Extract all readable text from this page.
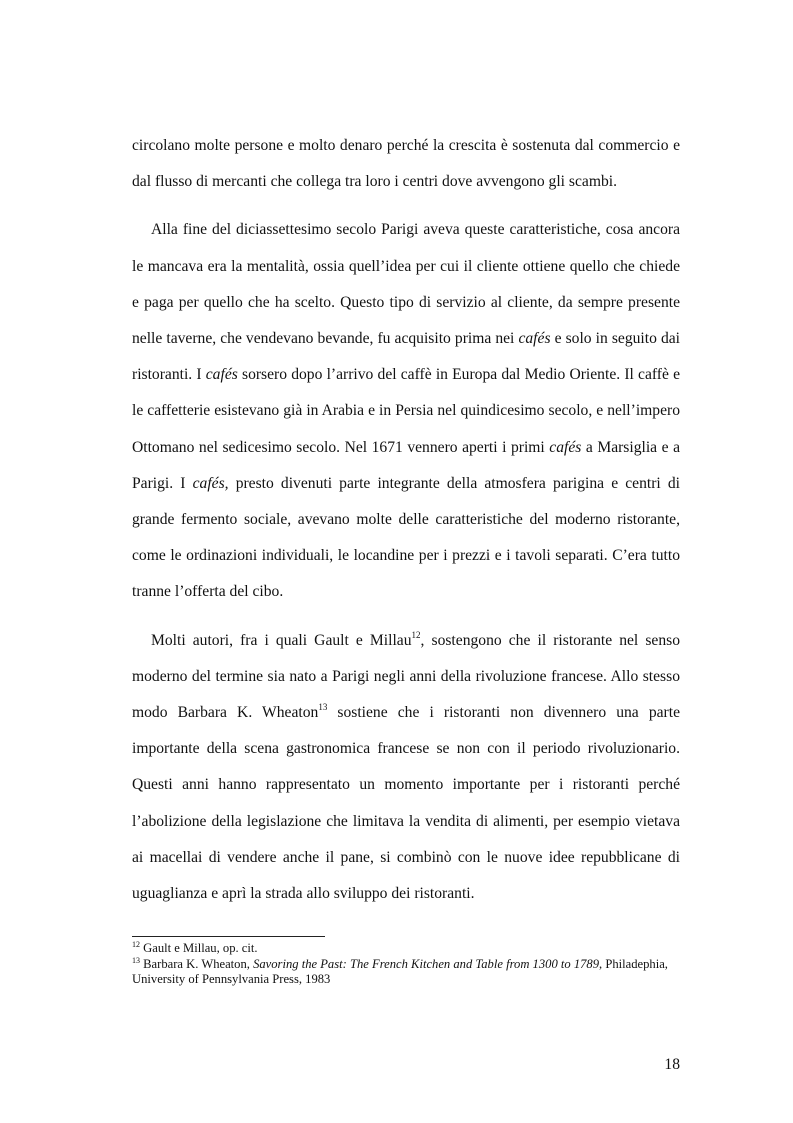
circolano molte persone e molto denaro perché la crescita è sostenuta dal commercio e dal flusso di mercanti che collega tra loro i centri dove avvengono gli scambi.

Alla fine del diciassettesimo secolo Parigi aveva queste caratteristiche, cosa ancora le mancava era la mentalità, ossia quell’idea per cui il cliente ottiene quello che chiede e paga per quello che ha scelto. Questo tipo di servizio al cliente, da sempre presente nelle taverne, che vendevano bevande, fu acquisito prima nei cafés e solo in seguito dai ristoranti. I cafés sorsero dopo l’arrivo del caffè in Europa dal Medio Oriente. Il caffè e le caffetterie esistevano già in Arabia e in Persia nel quindicesimo secolo, e nell’impero Ottomano nel sedicesimo secolo. Nel 1671 vennero aperti i primi cafés a Marsiglia e a Parigi. I cafés, presto divenuti parte integrante della atmosfera parigina e centri di grande fermento sociale, avevano molte delle caratteristiche del moderno ristorante, come le ordinazioni individuali, le locandine per i prezzi e i tavoli separati. C’era tutto tranne l’offerta del cibo.

Molti autori, fra i quali Gault e Millau$^{12}$, sostengono che il ristorante nel senso moderno del termine sia nato a Parigi negli anni della rivoluzione francese. Allo stesso modo Barbara K. Wheaton$^{13}$ sostiene che i ristoranti non divennero una parte importante della scena gastronomica francese se non con il periodo rivoluzionario. Questi anni hanno rappresentato un momento importante per i ristoranti perché l’abolizione della legislazione che limitava la vendita di alimenti, per esempio vietava ai macellai di vendere anche il pane, si combinò con le nuove idee repubblicane di uguaglianza e aprì la strada allo sviluppo dei ristoranti.

$^{12}$ Gault e Millau, op. cit.

$^{13}$ Barbara K. Wheaton, Savoring the Past: The French Kitchen and Table from 1300 to 1789, Philadephia, University of Pennsylvania Press, 1983

18
